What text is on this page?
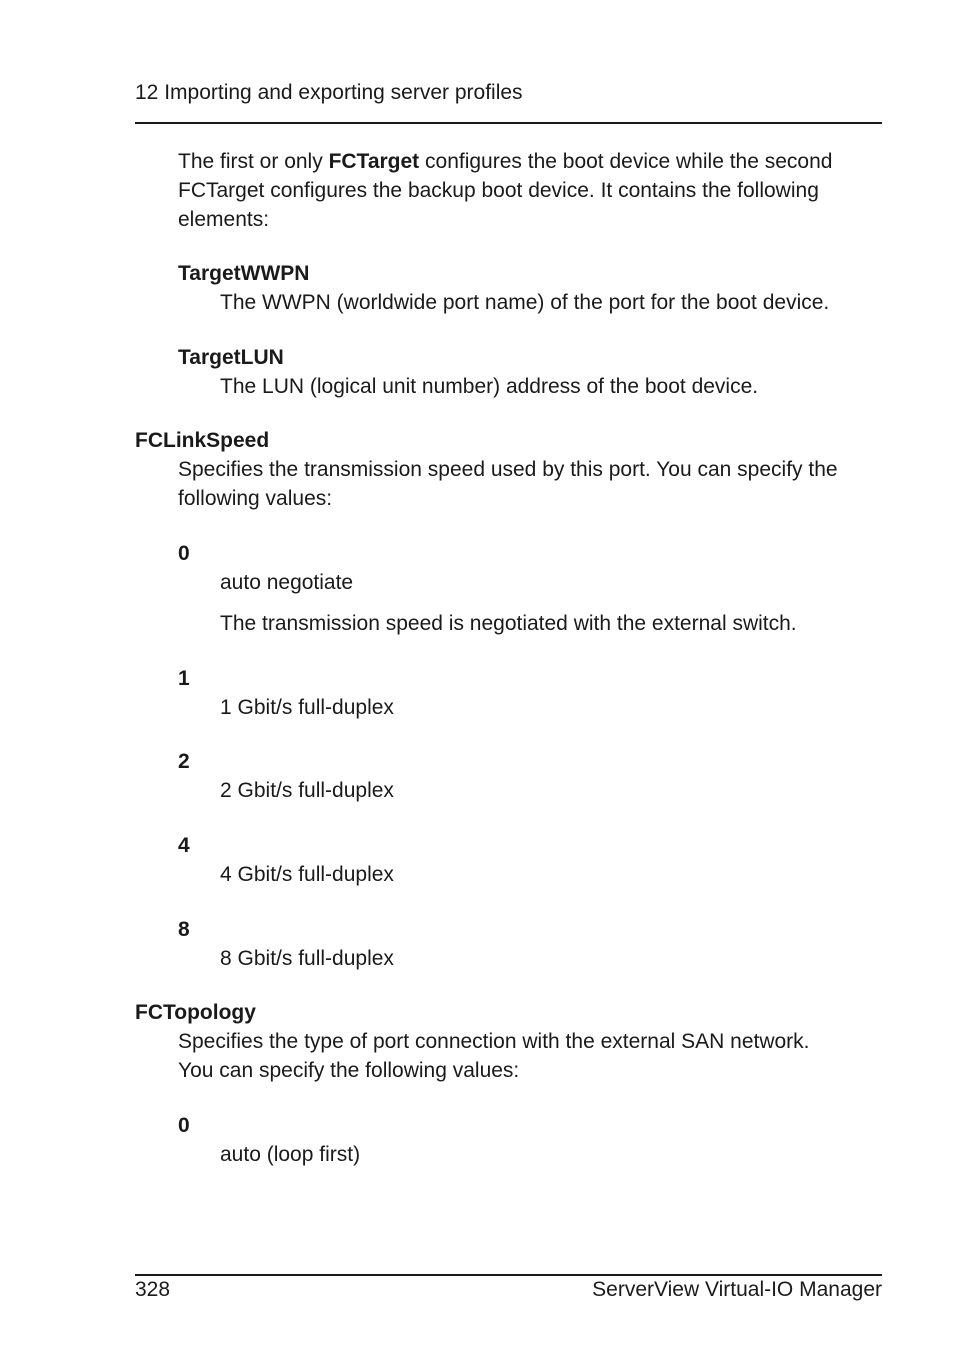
12 Importing and exporting server profiles
The first or only FCTarget configures the boot device while the second
FCTarget configures the backup boot device. It contains the following
elements:
TargetWWPN
The WWPN (worldwide port name) of the port for the boot device.
TargetLUN
The LUN (logical unit number) address of the boot device.
FCLinkSpeed
Specifies the transmission speed used by this port. You can specify the
following values:
0
auto negotiate
The transmission speed is negotiated with the external switch.
1
1 Gbit/s full-duplex
2
2 Gbit/s full-duplex
4
4 Gbit/s full-duplex
8
8 Gbit/s full-duplex
FCTopology
Specifies the type of port connection with the external SAN network.
You can specify the following values:
0
auto (loop first)
328	ServerView Virtual-IO Manager
